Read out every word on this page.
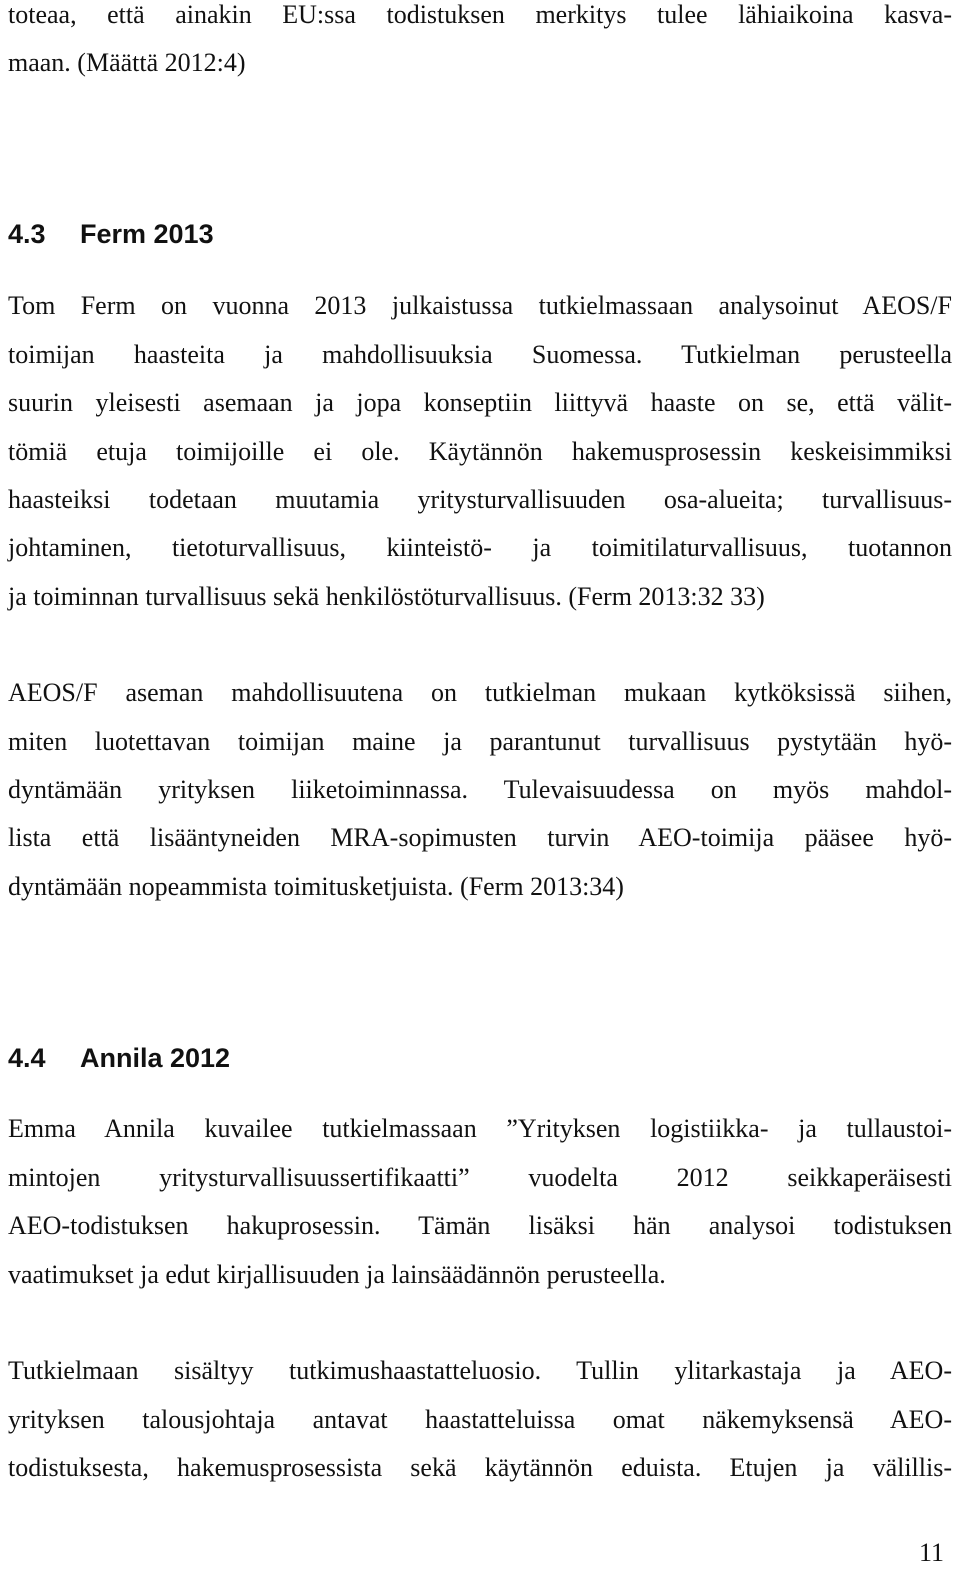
toteaa, että ainakin EU:ssa todistuksen merkitys tulee lähiaikoina kasva-
maan. (Määttä 2012:4)
4.3 Ferm 2013
Tom Ferm on vuonna 2013 julkaistussa tutkielmassaan analysoinut AEOS/F
toimijan haasteita ja mahdollisuuksia Suomessa. Tutkielman perusteella
suurin yleisesti asemaan ja jopa konseptiin liittyvä haaste on se, että välit-
tömiä etuja toimijoille ei ole. Käytännön hakemusprosessin keskeisimmiksi
haasteiksi todetaan muutamia yritysturvallisuuden osa-alueita; turvallisuus-
johtaminen, tietoturvallisuus, kiinteistö- ja toimitilaturvallisuus, tuotannon
ja toiminnan turvallisuus sekä henkilöstöturvallisuus. (Ferm 2013:32 33)
AEOS/F aseman mahdollisuutena on tutkielman mukaan kytköksissä siihen,
miten luotettavan toimijan maine ja parantunut turvallisuus pystytään hyö-
dyntämään yrityksen liiketoiminnassa. Tulevaisuudessa on myös mahdol-
lista että lisääntyneiden MRA-sopimusten turvin AEO-toimija pääsee hyö-
dyntämään nopeammista toimitusketjuista. (Ferm 2013:34)
4.4 Annila 2012
Emma Annila kuvailee tutkielmassaan ”Yrityksen logistiikka- ja tullaustoi-
mintojen yritysturvallisuussertifikaatti” vuodelta 2012 seikkaperäisesti
AEO-todistuksen hakuprosessin. Tämän lisäksi hän analysoi todistuksen
vaatimukset ja edut kirjallisuuden ja lainsäädännön perusteella.
Tutkielmaan sisältyy tutkimushaastatteluosio. Tullin ylitarkastaja ja AEO-
yrityksen talousjohtaja antavat haastatteluissa omat näkemyksensä AEO-
todistuksesta, hakemusprosessista sekä käytännön eduista. Etujen ja välillis-
11
